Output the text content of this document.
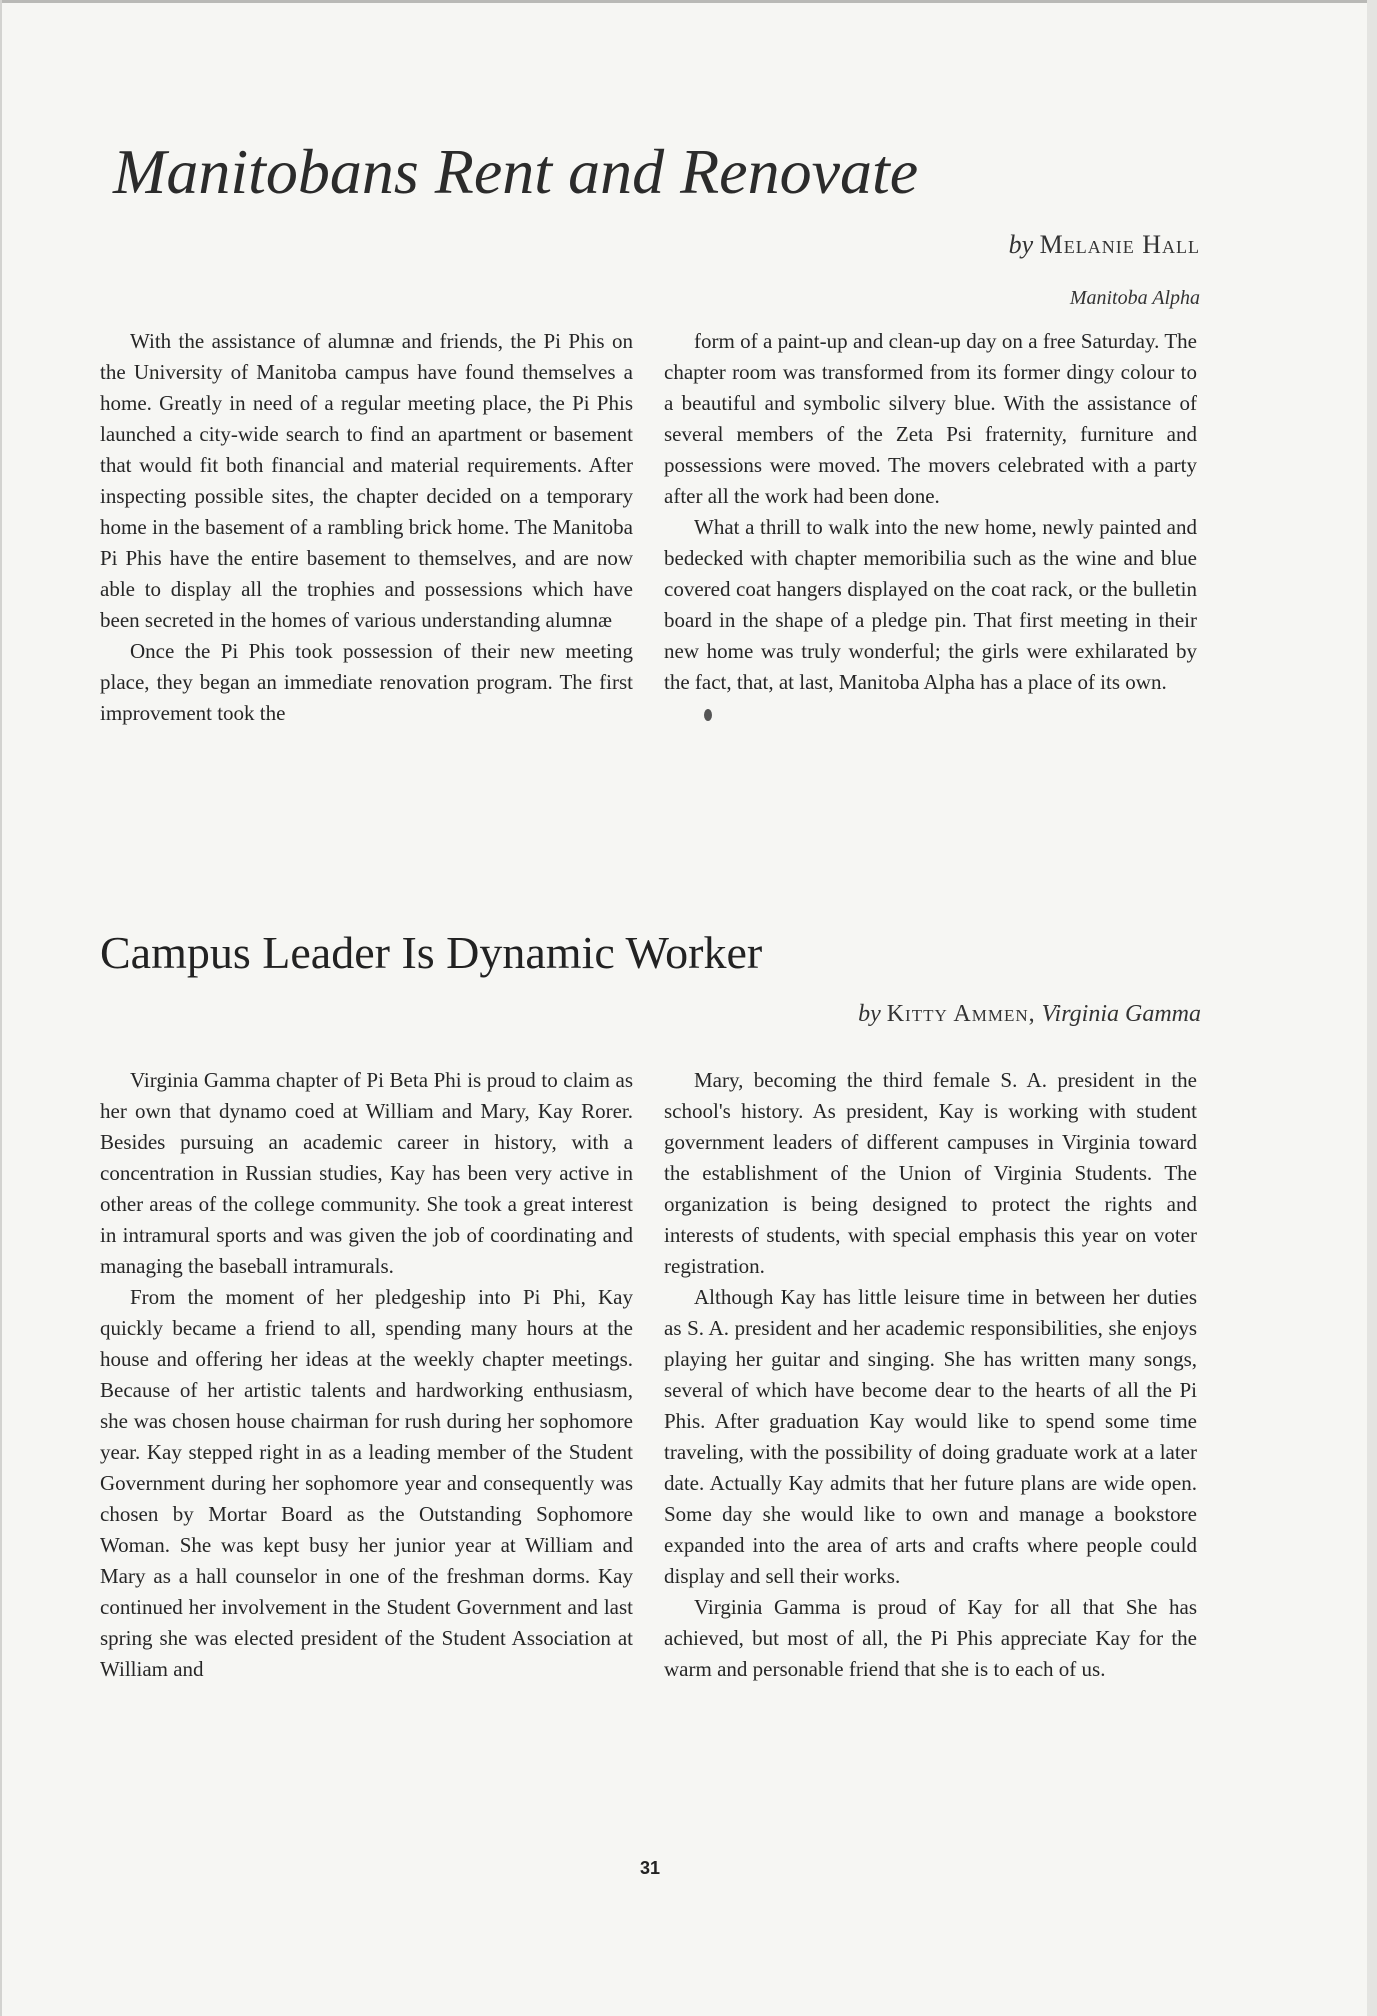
Manitobans Rent and Renovate
by Melanie Hall
Manitoba Alpha

With the assistance of alumnæ and friends, the Pi Phis on the University of Manitoba campus have found themselves a home. Greatly in need of a regular meeting place, the Pi Phis launched a city-wide search to find an apartment or basement that would fit both financial and material requirements. After inspecting possible sites, the chapter decided on a temporary home in the basement of a rambling brick home. The Manitoba Pi Phis have the entire basement to themselves, and are now able to display all the trophies and possessions which have been secreted in the homes of various understanding alumnæ

Once the Pi Phis took possession of their new meeting place, they began an immediate renovation program. The first improvement took the

form of a paint-up and clean-up day on a free Saturday. The chapter room was transformed from its former dingy colour to a beautiful and symbolic silvery blue. With the assistance of several members of the Zeta Psi fraternity, furniture and possessions were moved. The movers celebrated with a party after all the work had been done.

What a thrill to walk into the new home, newly painted and bedecked with chapter memoribilia such as the wine and blue covered coat hangers displayed on the coat rack, or the bulletin board in the shape of a pledge pin. That first meeting in their new home was truly wonderful; the girls were exhilarated by the fact, that, at last, Manitoba Alpha has a place of its own.

Campus Leader Is Dynamic Worker
by Kitty Ammen, Virginia Gamma

Virginia Gamma chapter of Pi Beta Phi is proud to claim as her own that dynamo coed at William and Mary, Kay Rorer. Besides pursuing an academic career in history, with a concentration in Russian studies, Kay has been very active in other areas of the college community. She took a great interest in intramural sports and was given the job of coordinating and managing the baseball intramurals.

From the moment of her pledgeship into Pi Phi, Kay quickly became a friend to all, spending many hours at the house and offering her ideas at the weekly chapter meetings. Because of her artistic talents and hardworking enthusiasm, she was chosen house chairman for rush during her sophomore year. Kay stepped right in as a leading member of the Student Government during her sophomore year and consequently was chosen by Mortar Board as the Outstanding Sophomore Woman. She was kept busy her junior year at William and Mary as a hall counselor in one of the freshman dorms. Kay continued her involvement in the Student Government and last spring she was elected president of the Student Association at William and

Mary, becoming the third female S. A. president in the school's history. As president, Kay is working with student government leaders of different campuses in Virginia toward the establishment of the Union of Virginia Students. The organization is being designed to protect the rights and interests of students, with special emphasis this year on voter registration.

Although Kay has little leisure time in between her duties as S. A. president and her academic responsibilities, she enjoys playing her guitar and singing. She has written many songs, several of which have become dear to the hearts of all the Pi Phis. After graduation Kay would like to spend some time traveling, with the possibility of doing graduate work at a later date. Actually Kay admits that her future plans are wide open. Some day she would like to own and manage a bookstore expanded into the area of arts and crafts where people could display and sell their works.

Virginia Gamma is proud of Kay for all that She has achieved, but most of all, the Pi Phis appreciate Kay for the warm and personable friend that she is to each of us.

31
